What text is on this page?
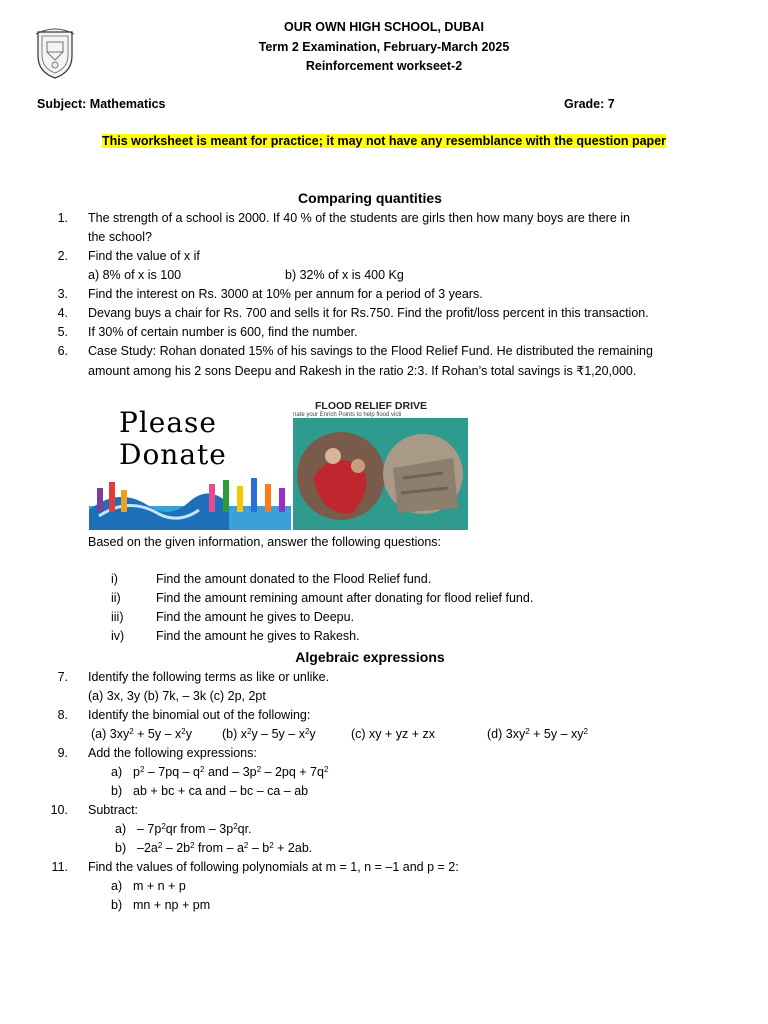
OUR OWN HIGH SCHOOL, DUBAI
Term 2 Examination, February-March 2025
Reinforcement workseet-2
Subject: Mathematics	Grade: 7
This worksheet is meant for practice; it may not have any resemblance with the question paper
Comparing quantities
1. The strength of a school is 2000. If 40 % of the students are girls then how many boys are there in
the school?
2. Find the value of x if
a) 8% of x is 100	b) 32% of x is 400 Kg
3. Find the interest on Rs. 3000 at 10% per annum for a period of 3 years.
4. Devang buys a chair for Rs. 700 and sells it for Rs.750. Find the profit/loss percent in this transaction.
5. If 30% of certain number is 600, find the number.
6. Case Study: Rohan donated 15% of his savings to the Flood Relief Fund. He distributed the remaining
amount among his 2 sons Deepu and Rakesh in the ratio 2:3. If Rohan’s total savings is ₹1,20,000.
Please
Donate
FLOOD RELIEF DRIVE
nate your Enrich Points to help flood victi
Based on the given information, answer the following questions:
i)	Find the amount donated to the Flood Relief fund.
ii)	Find the amount remining amount after donating for flood relief fund.
iii)	Find the amount he gives to Deepu.
iv)	Find the amount he gives to Rakesh.
Algebraic expressions
7. Identify the following terms as like or unlike.
(a) 3x, 3y (b) 7k, – 3k (c) 2p, 2pt
8. Identify the binomial out of the following:
(a) $3xy^2 + 5y - x^2y$ (b) $x^2y - 5y - x^2y$	(c) xy + yz + zx	(d) $3xy^2 + 5y - xy^2$
9. Add the following expressions:
a) $p^2 - 7pq - q^2$ and – $3p^2 - 2pq + 7q^2$
b) ab + bc + ca and – bc – ca – ab
10. Subtract:
$a) - 7p^2qr$ from – $3p^2qr$.
b) $-2a^2 - 2b^2$ from – $a^2 - b^2 + 2ab$.
11. Find the values of following polynomials at m = 1, n = –1 and p = 2:
a) m + n + p
b) mn + np + pm
